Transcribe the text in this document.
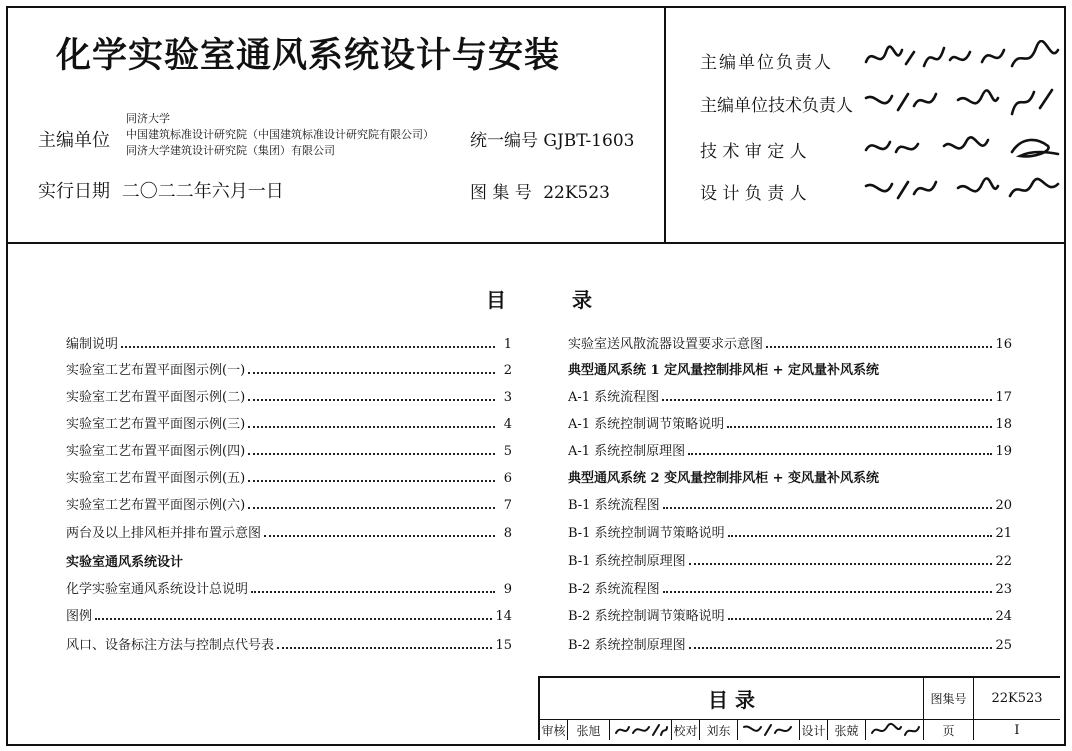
化学实验室通风系统设计与安装
主编单位
同济大学
中国建筑标准设计研究院（中国建筑标准设计研究院有限公司）
同济大学建筑设计研究院（集团）有限公司	统一编号 GJBT-1603
实行日期 二〇二二年六月一日	图 集 号 22K523
主编单位负责人
主编单位技术负责人
技 术 审 定 人
设 计 负 责 人
目	录
编制说明	1
实验室工艺布置平面图示例(一)	2
实验室工艺布置平面图示例(二)	3
实验室工艺布置平面图示例(三)	4
实验室工艺布置平面图示例(四)	5
实验室工艺布置平面图示例(五)	6
实验室工艺布置平面图示例(六)	7
两台及以上排风柜并排布置示意图	8
实验室通风系统设计
化学实验室通风系统设计总说明	9
图例	14
风口、设备标注方法与控制点代号表	15
实验室送风散流器设置要求示意图	16
典型通风系统 1 定风量控制排风柜 + 定风量补风系统
A-1 系统流程图	17
A-1 系统控制调节策略说明	18
A-1 系统控制原理图	19
典型通风系统 2 变风量控制排风柜 + 变风量补风系统
B-1 系统流程图	20
B-1 系统控制调节策略说明	21
B-1 系统控制原理图	22
B-2 系统流程图	23
B-2 系统控制调节策略说明	24
B-2 系统控制原理图	25
目 录	图集号	22K523
审核 张旭	校对 刘东	设计 张兢	页	I
